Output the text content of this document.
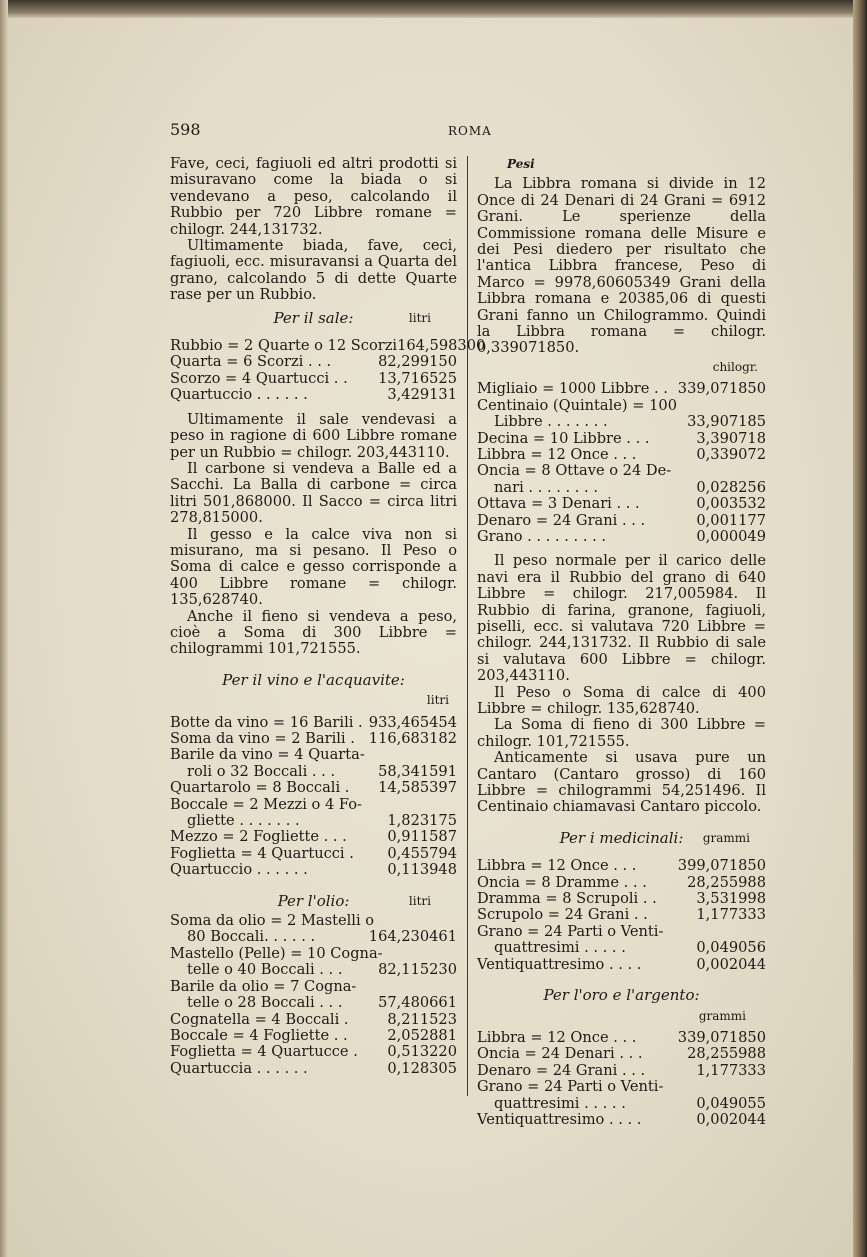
598	ROMA

Fave, ceci, fagiuoli ed altri prodotti si misuravano come la biada o si vendevano a peso, calcolando il Rubbio per 720 Libbre romane = chilogr. 244,131732.

Ultimamente biada, fave, ceci, fagiuoli, ecc. misuravansi a Quarta del grano, calcolando 5 di dette Quarte rase per un Rubbio.

Per il sale:	litri
Rubbio = 2 Quarte o 12 Scorzi 164,598300
Quarta = 6 Scorzi . . .	82,299150
Scorzo = 4 Quartucci . . 13,716525
Quartuccio . . . . . .	3,429131

Ultimamente il sale vendevasi a peso in ragione di 600 Libbre romane per un Rubbio = chilogr. 203,443110.

Il carbone si vendeva a Balle ed a Sacchi. La Balla di carbone = circa litri 501,868000. Il Sacco = circa litri 278,815000.

Il gesso e la calce viva non si misurano, ma si pesano. Il Peso o Soma di calce e gesso corrisponde a 400 Libbre romane = chilogr. 135,628740.

Anche il fieno si vendeva a peso, cioè a Soma di 300 Libbre = chilogrammi 101,721555.

Per il vino e l'acquavite:
litri
Botte da vino = 16 Barili . 933,465454
Soma da vino = 2 Barili . 116,683182
Barile da vino = 4 Quarta-
roli o 32 Boccali . . .	58,341591
Quartarolo = 8 Boccali . 14,585397
Boccale = 2 Mezzi o 4 Fo-
gliette . . . . . . .	1,823175
Mezzo = 2 Fogliette . . .	0,911587
Foglietta = 4 Quartucci . 0,455794
Quartuccio . . . . . .	0,113948
Per l'olio:	litri
Soma da olio = 2 Mastelli o
80 Boccali. . . . . .	164,230461
Mastello (Pelle) = 10 Cogna-
telle o 40 Boccali . . . 82,115230
Barile da olio = 7 Cogna-
telle o 28 Boccali . . . 57,480661
Cognatella = 4 Boccali .	8,211523
Boccale = 4 Fogliette . .	2,052881
Foglietta = 4 Quartucce . 0,513220
Quartuccia . . . . . .	0,128305
Pesi

La Libbra romana si divide in 12 Once di 24 Denari di 24 Grani = 6912 Grani. Le sperienze della Commissione romana delle Misure e dei Pesi diedero per risultato che l'antica Libbra francese, Peso di Marco = 9978,60605349 Grani della Libbra romana e 20385,06 di questi Grani fanno un Chilogrammo. Quindi la Libbra romana = chilogr. 0,339071850.

chilogr.
Migliaio = 1000 Libbre . . 339,071850
Centinaio (Quintale) = 100
Libbre . . . . . . .	33,907185
Decina = 10 Libbre . . .	3,390718
Libbra = 12 Once . . .	0,339072
Oncia = 8 Ottave o 24 De-
nari . . . . . . . .	0,028256
Ottava = 3 Denari . . .	0,003532
Denaro = 24 Grani . . .	0,001177
Grano . . . . . . . . .	0,000049

Il peso normale per il carico delle navi era il Rubbio del grano di 640 Libbre = chilogr. 217,005984. Il Rubbio di farina, granone, fagiuoli, piselli, ecc. si valutava 720 Libbre = chilogr. 244,131732. Il Rubbio di sale si valutava 600 Libbre = chilogr. 203,443110.

Il Peso o Soma di calce di 400 Libbre = chilogr. 135,628740.

La Soma di fieno di 300 Libbre = chilogr. 101,721555.

Anticamente si usava pure un Cantaro (Cantaro grosso) di 160 Libbre = chilogrammi 54,251496. Il Centinaio chiamavasi Cantaro piccolo.

Per i medicinali: grammi
Libbra = 12 Once . . .	399,071850
Oncia = 8 Dramme . . .	28,255988
Dramma = 8 Scrupoli . .	3,531998
Scrupolo = 24 Grani . .	1,177333
Grano = 24 Parti o Venti-
quattresimi . . . . .	0,049056
Ventiquattresimo . . . .	0,002044
Per l'oro e l'argento:
grammi
Libbra = 12 Once . . .	339,071850
Oncia = 24 Denari . . .	28,255988
Denaro = 24 Grani . . .	1,177333
Grano = 24 Parti o Venti-
quattresimi . . . . .	0,049055
Ventiquattresimo . . . .	0,002044
